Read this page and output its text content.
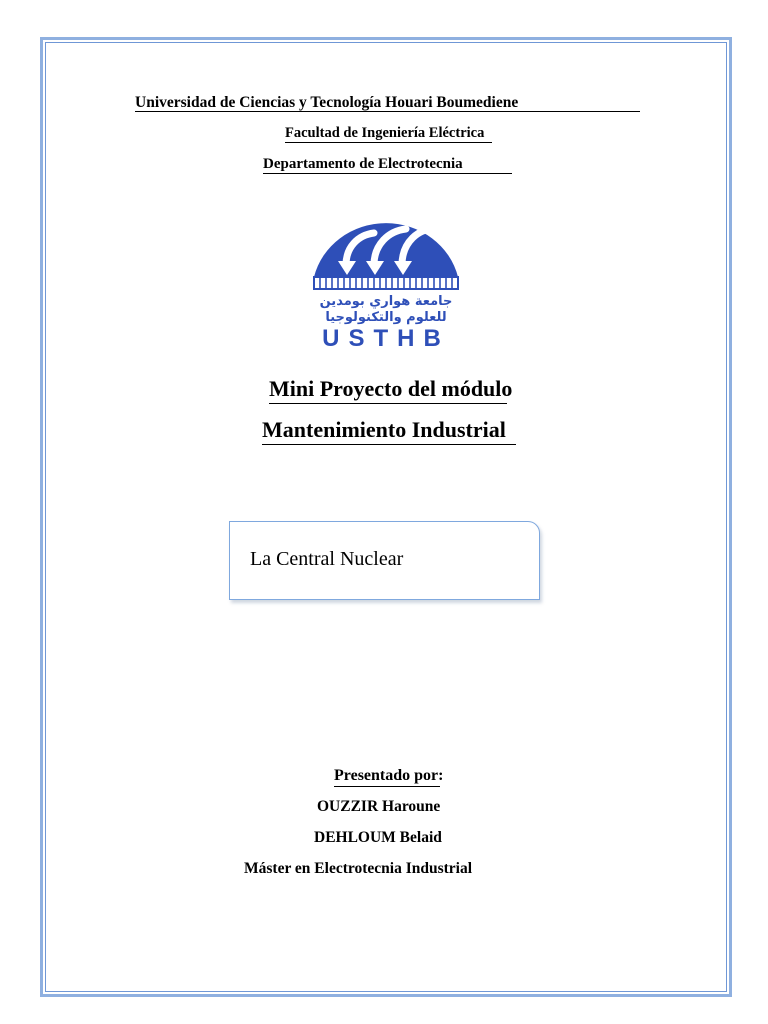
Universidad de Ciencias y Tecnología Houari Boumediene
Facultad de Ingeniería Eléctrica
Departamento de Electrotecnia
جامعة هواري بومدين
للعلوم والتكنولوجيا
USTHB
Mini Proyecto del módulo
Mantenimiento Industrial
La Central Nuclear
Presentado por:
OUZZIR Haroune
DEHLOUM Belaid
Máster en Electrotecnia Industrial
